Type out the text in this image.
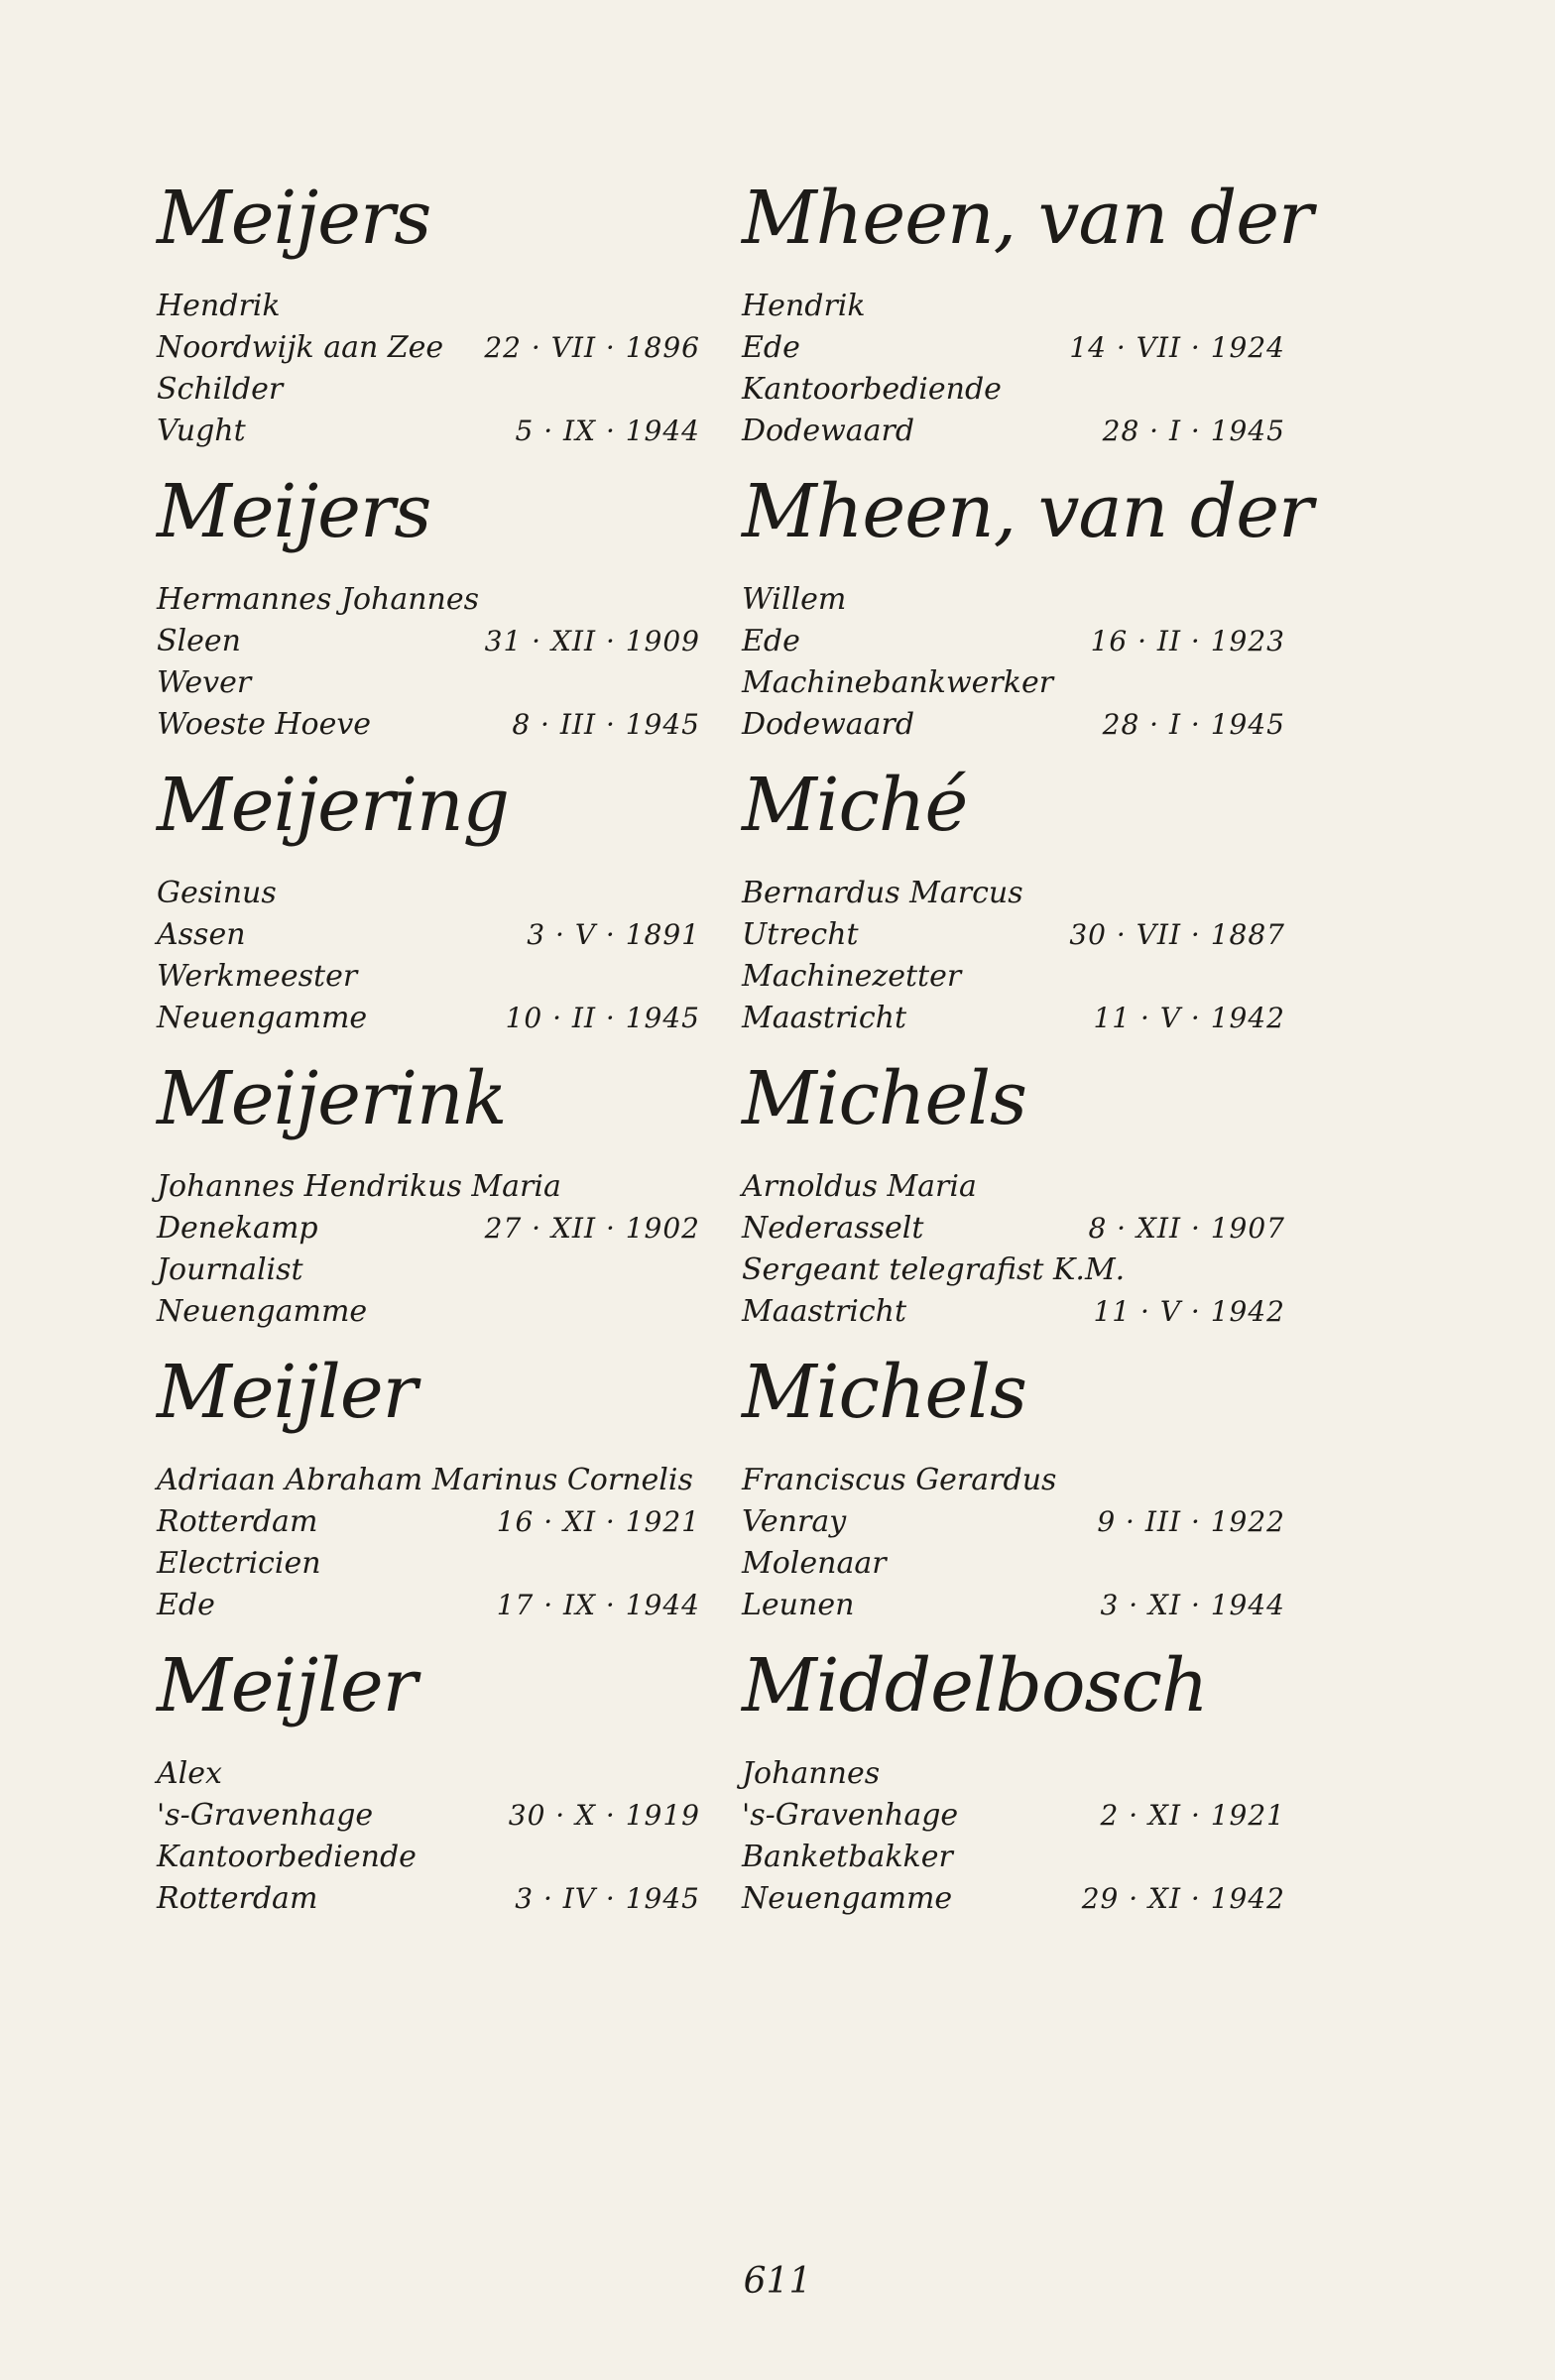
Meijers
Hendrik
Noordwijk aan Zee 22 · VII · 1896
Schilder
Vught	5 · IX · 1944
Meijers
Hermannes Johannes
Sleen	31 · XII · 1909
Wever
Woeste Hoeve	8 · III · 1945
Meijering
Gesinus
Assen	3 · V · 1891
Werkmeester
Neuengamme	10 · II · 1945
Meijerink
Johannes Hendrikus Maria
Denekamp	27 · XII · 1902
Journalist
Neuengamme
Meijler
Adriaan Abraham Marinus Cornelis
Rotterdam	16 · XI · 1921
Electricien
Ede	17 · IX · 1944
Meijler
Alex
's-Gravenhage	30 · X · 1919
Kantoorbediende
Rotterdam	3 · IV · 1945
Mheen, van der
Hendrik
Ede	14 · VII · 1924
Kantoorbediende
Dodewaard	28 · I · 1945
Mheen, van der
Willem
Ede	16 · II · 1923
Machinebankwerker
Dodewaard	28 · I · 1945
Miché
Bernardus Marcus
Utrecht	30 · VII · 1887
Machinezetter
Maastricht	11 · V · 1942
Michels
Arnoldus Maria
Nederasselt	8 · XII · 1907
Sergeant telegrafist K.M.
Maastricht	11 · V · 1942
Michels
Franciscus Gerardus
Venray	9 · III · 1922
Molenaar
Leunen	3 · XI · 1944
Middelbosch
Johannes
's-Gravenhage	2 · XI · 1921
Banketbakker
Neuengamme	29 · XI · 1942
611
